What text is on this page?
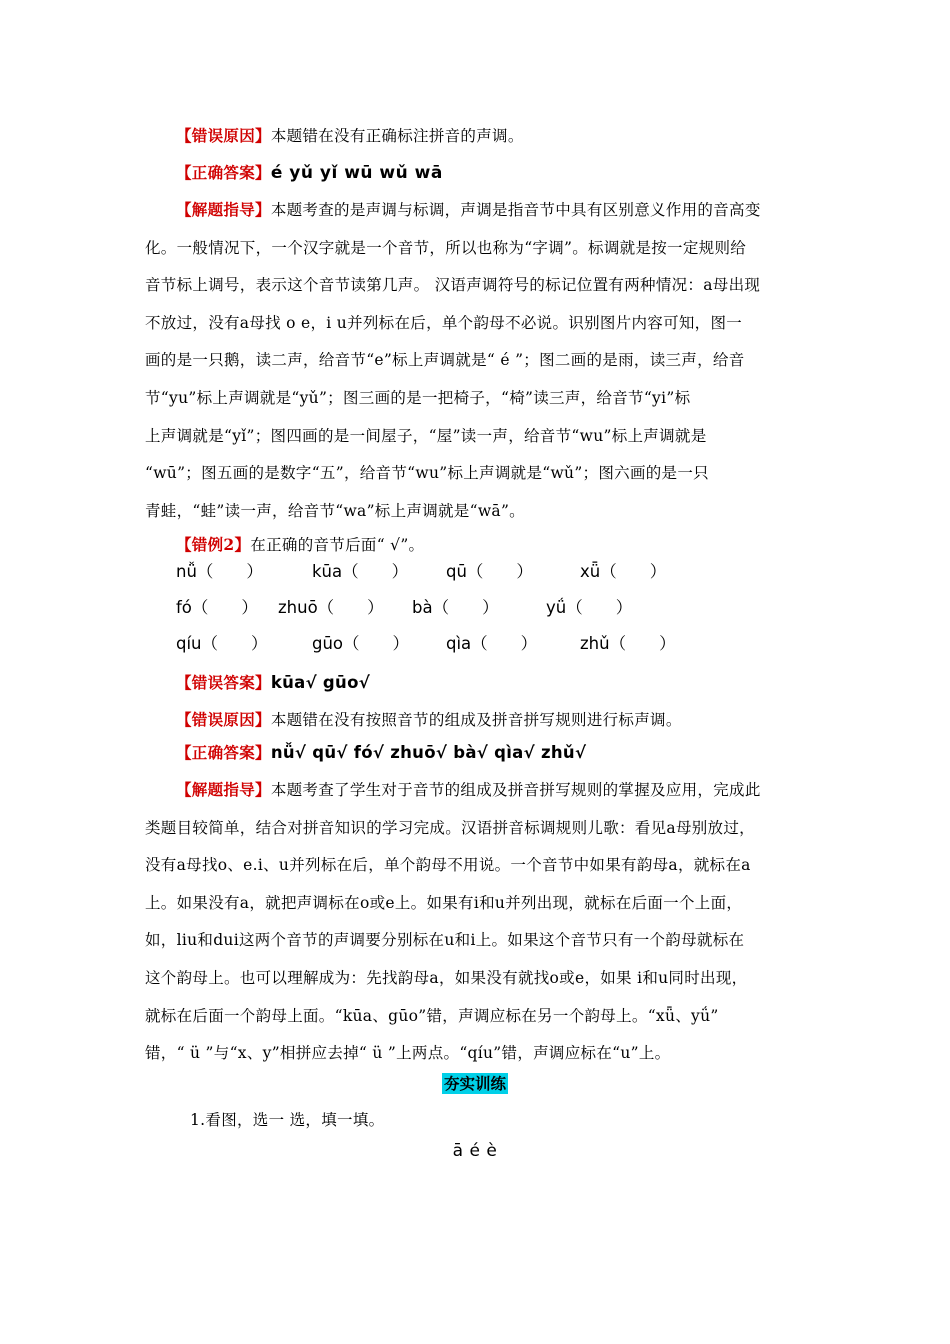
【错误原因】本题错在没有正确标注拼音的声调。
【正确答案】é yǔ yǐ wū wǔ wā
【解题指导】本题考查的是声调与标调，声调是指音节中具有区别意义作用的音高变
化。一般情况下，一个汉字就是一个音节，所以也称为“字调”。标调就是按一定规则给
音节标上调号，表示这个音节读第几声。 汉语声调符号的标记位置有两种情况：a母出现
不放过，没有a母找 o e，i u并列标在后，单个韵母不必说。识别图片内容可知，图一
画的是一只鹅，读二声，给音节“e”标上声调就是“ é ”；图二画的是雨，读三声，给音
节“yu”标上声调就是“yǔ”；图三画的是一把椅子，“椅”读三声，给音节“yi”标
上声调就是“yǐ”；图四画的是一间屋子，“屋”读一声，给音节“wu”标上声调就是
“wū”；图五画的是数字“五”，给音节“wu”标上声调就是“wǔ”；图六画的是一只
青蛙，“蛙”读一声，给音节“wa”标上声调就是“wā”。
【错例2】在正确的音节后面“ √”。
nǚ（　　）	kūa（　　） qū（　　）	xǖ（　　）
fó（　　） zhuō（　　） bà（　　）	yǘ（　　）
qíu（　　）	gūo（　　） qìa（　　）	zhǔ（　　）
【错误答案】kūa√ gūo√
【错误原因】本题错在没有按照音节的组成及拼音拼写规则进行标声调。
【正确答案】nǚ√ qū√ fó√ zhuō√ bà√ qìa√ zhǔ√
【解题指导】本题考查了学生对于音节的组成及拼音拼写规则的掌握及应用，完成此
类题目较简单，结合对拼音知识的学习完成。汉语拼音标调规则儿歌：看见a母别放过，
没有a母找o、e.i、u并列标在后，单个韵母不用说。一个音节中如果有韵母a，就标在a
上。如果没有a，就把声调标在o或e上。如果有i和u并列出现，就标在后面一个上面，
如，liu和dui这两个音节的声调要分别标在u和i上。如果这个音节只有一个韵母就标在
这个韵母上。也可以理解成为：先找韵母a，如果没有就找o或e，如果 i和u同时出现，
就标在后面一个韵母上面。“kūa、gūo”错，声调应标在另一个韵母上。“xǖ、yǘ”
错，“ ü ”与“x、y”相拼应去掉“ ü ”上两点。“qíu”错，声调应标在“u”上。
夯实训练
1.看图，选一 选，填一填。
ā é è
